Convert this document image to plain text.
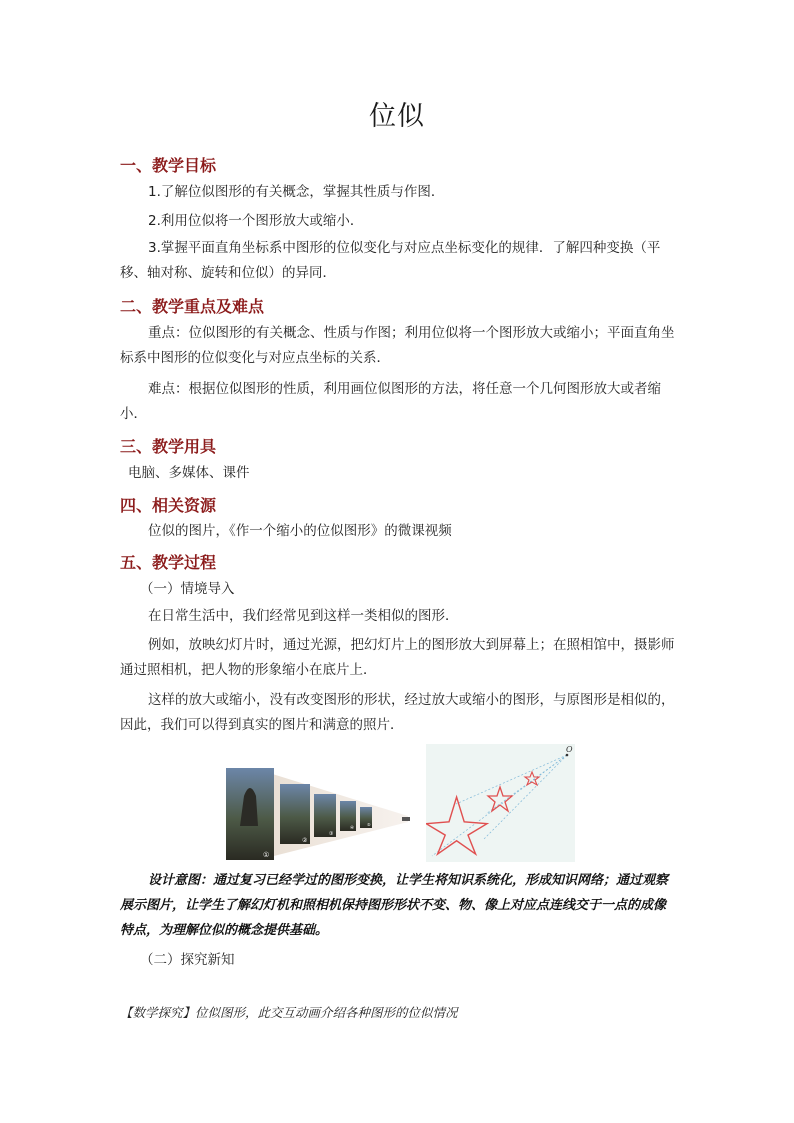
位似
一、教学目标
1.了解位似图形的有关概念，掌握其性质与作图．
2.利用位似将一个图形放大或缩小．
3.掌握平面直角坐标系中图形的位似变化与对应点坐标变化的规律．了解四种变换（平移、轴对称、旋转和位似）的异同．
二、教学重点及难点
重点：位似图形的有关概念、性质与作图；利用位似将一个图形放大或缩小；平面直角坐标系中图形的位似变化与对应点坐标的关系．
难点：根据位似图形的性质，利用画位似图形的方法，将任意一个几何图形放大或者缩小．
三、教学用具
电脑、多媒体、课件
四、相关资源
位似的图片，《作一个缩小的位似图形》的微课视频
五、教学过程
（一）情境导入
在日常生活中，我们经常见到这样一类相似的图形．
例如，放映幻灯片时，通过光源，把幻灯片上的图形放大到屏幕上；在照相馆中，摄影师通过照相机，把人物的形象缩小在底片上．
这样的放大或缩小，没有改变图形的形状，经过放大或缩小的图形，与原图形是相似的，因此，我们可以得到真实的图片和满意的照片．
①
②
③
④
⑤
O
设计意图：通过复习已经学过的图形变换，让学生将知识系统化，形成知识网络；通过观察展示图片，让学生了解幻灯机和照相机保持图形形状不变、物、像上对应点连线交于一点的成像特点，为理解位似的概念提供基础。
（二）探究新知
【数学探究】位似图形，此交互动画介绍各种图形的位似情况
